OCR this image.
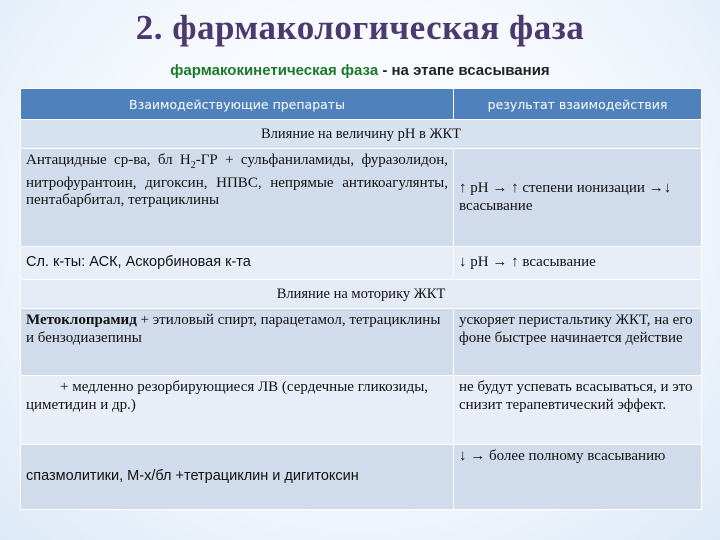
2. фармакологическая фаза
фармакокинетическая фаза - на этапе всасывания
Взаимодействующие препараты	результат взаимодействия
Влияние на величину рН в ЖКТ	
Антацидные ср-ва, бл $Н_2-ГР$ + сульфаниламиды, фуразолидон, нитрофурантоин, дигоксин, НПВС, непрямые антикоагулянты, пентабарбитал, тетрациклины	↑ рН → ↑ степени ионизации →↓ всасывание
Сл. к-ты: АСК, Аскорбиновая к-та	↓ рН → ↑ всасывание
Влияние на моторику ЖКТ	
Метоклопрамид + этиловый спирт, парацетамол, тетрациклины и бензодиазепины	ускоряет перистальтику ЖКТ, на его фоне быстрее начинается действие
+ медленно резорбирующиеся ЛВ (сердечные гликозиды, циметидин и др.)	не будут успевать всасываться, и это снизит терапевтический эффект.
спазмолитики, М-х/бл +тетрациклин и дигитоксин	↓ → более полному всасыванию
